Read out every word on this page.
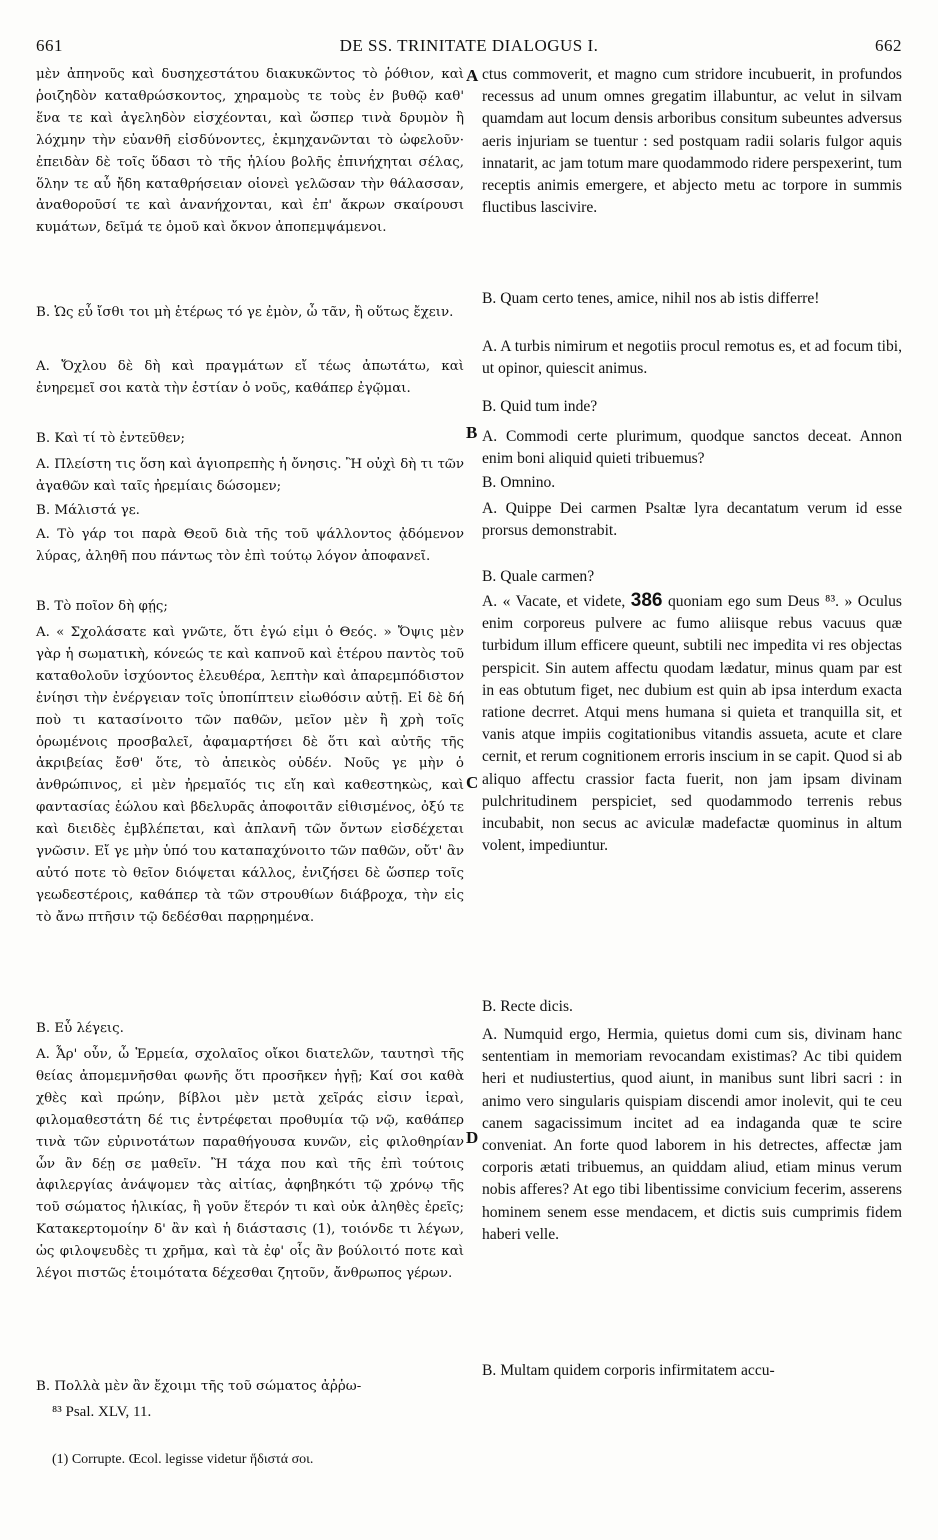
661	DE SS. TRINITATE DIALOGUS I.	662
μὲν ἀπηνοῦς καὶ δυσηχεστάτου διακυκῶντος τὸ ῥόθιον, καὶ ῥοιζηδὸν καταθρώσκοντος, χηραμοὺς τε τοὺς ἐν βυθῷ καθ' ἕνα τε καὶ ἀγεληδὸν εἰσχέονται, καὶ ὥσπερ τινὰ δρυμὸν ἢ λόχμην τὴν εὐανθῆ εἰσδύνοντες, ἐκμηχανῶνται τὸ ὠφελοῦν· ἐπειδὰν δὲ τοῖς ὕδασι τὸ τῆς ἡλίου βολῆς ἐπινήχηται σέλας, ὅλην τε αὖ ἤδη καταθρήσειαν οἱονεὶ γελῶσαν τὴν θάλασσαν, ἀναθοροῦσί τε καὶ ἀνανήχονται, καὶ ἐπ' ἄκρων σκαίρουσι κυμάτων, δεῖμά τε ὁμοῦ καὶ ὄκνον ἀποπεμψάμενοι.
Β. Ὡς εὖ ἴσθι τοι μὴ ἑτέρως τό γε ἐμὸν, ὦ τᾶν, ἢ οὕτως ἔχειν.
Α. Ὄχλου δὲ δὴ καὶ πραγμάτων εἴ τέως ἀπωτάτω, καὶ ἐνηρεμεῖ σοι κατὰ τὴν ἑστίαν ὁ νοῦς, καθάπερ ἐγῷμαι.
Β. Καὶ τί τὸ ἐντεῦθεν;
Α. Πλείστη τις ὅση καὶ ἁγιοπρεπὴς ἡ ὄνησις. Ἢ οὐχὶ δὴ τι τῶν ἀγαθῶν καὶ ταῖς ἠρεμίαις δώσομεν;
Β. Μάλιστά γε.
Α. Τὸ γάρ τοι παρὰ Θεοῦ διὰ τῆς τοῦ ψάλλοντος ᾀδόμενον λύρας, ἀληθῆ που πάντως τὸν ἐπὶ τούτῳ λόγον ἀποφανεῖ.
Β. Τὸ ποῖον δὴ φῄς;
Α. « Σχολάσατε καὶ γνῶτε, ὅτι ἐγώ εἰμι ὁ Θεός. » Ὄψις μὲν γὰρ ἡ σωματικὴ, κόνεώς τε καὶ καπνοῦ καὶ ἑτέρου παντὸς τοῦ καταθολοῦν ἰσχύοντος ἐλευθέρα, λεπτὴν καὶ ἀπαρεμπόδιστον ἐνίησι τὴν ἐνέργειαν τοῖς ὑποπίπτειν εἰωθόσιν αὐτῇ. Εἰ δὲ δή ποὺ τι κατασίνοιτο τῶν παθῶν, μεῖον μὲν ἢ χρὴ τοῖς ὁρωμένοις προσβαλεῖ, ἀφαμαρτήσει δὲ ὅτι καὶ αὐτῆς τῆς ἀκριβείας ἔσθ' ὅτε, τὸ ἀπεικὸς οὐδέν. Νοῦς γε μὴν ὁ ἀνθρώπινος, εἰ μὲν ἠρεμαῖός τις εἴη καὶ καθεστηκὼς, καὶ φαντασίας ἑώλου καὶ βδελυρᾶς ἀποφοιτᾶν εἰθισμένος, ὀξύ τε καὶ διειδὲς ἐμβλέπεται, καὶ ἀπλανῆ τῶν ὄντων εἰσδέχεται γνῶσιν. Εἴ γε μὴν ὑπό του καταπαχύνοιτο τῶν παθῶν, οὔτ' ἂν αὐτό ποτε τὸ θεῖον διόψεται κάλλος, ἐνιζήσει δὲ ὥσπερ τοῖς γεωδεστέροις, καθάπερ τὰ τῶν στρουθίων διάβροχα, τὴν εἰς τὸ ἄνω πτῆσιν τῷ δεδέσθαι παρῃρημένα.
Β. Εὖ λέγεις.
Α. Ἆρ' οὖν, ὦ Ἑρμεία, σχολαῖος οἴκοι διατελῶν, ταυτησὶ τῆς θείας ἀπομεμνῆσθαι φωνῆς ὅτι προσῆκεν ἡγῇ; Καί σοι καθὰ χθὲς καὶ πρώην, βίβλοι μὲν μετὰ χεῖράς εἰσιν ἱεραὶ, φιλομαθεστάτη δέ τις ἐντρέφεται προθυμία τῷ νῷ, καθάπερ τινὰ τῶν εὐρινοτάτων παραθήγουσα κυνῶν, εἰς φιλοθηρίαν ὧν ἂν δέῃ σε μαθεῖν. Ἢ τάχα που καὶ τῆς ἐπὶ τούτοις ἀφιλεργίας ἀνάψομεν τὰς αἰτίας, ἀφηβηκότι τῷ χρόνῳ τῆς τοῦ σώματος ἡλικίας, ἢ γοῦν ἕτερόν τι καὶ οὐκ ἀληθὲς ἐρεῖς; Κατακερτομοίην δ' ἂν καὶ ἡ διάστασις (1), τοιόνδε τι λέγων, ὡς φιλοψευδὲς τι χρῆμα, καὶ τὰ ἐφ' οἷς ἂν βούλοιτό ποτε καὶ λέγοι πιστῶς ἑτοιμότατα δέχεσθαι ζητοῦν, ἄνθρωπος γέρων.
Β. Πολλὰ μὲν ἂν ἔχοιμι τῆς τοῦ σώματος ἀῤῥω-
A
B
C
D
ctus commoverit, et magno cum stridore incubuerit, in profundos recessus ad unum omnes gregatim illabuntur, ac velut in silvam quamdam aut locum densis arboribus consitum subeuntes adversus aeris injuriam se tuentur : sed postquam radii solaris fulgor aquis innatarit, ac jam totum mare quodammodo ridere perspexerint, tum receptis animis emergere, et abjecto metu ac torpore in summis fluctibus lascivire.
B. Quam certo tenes, amice, nihil nos ab istis differre!
A. A turbis nimirum et negotiis procul remotus es, et ad focum tibi, ut opinor, quiescit animus.
B. Quid tum inde?
A. Commodi certe plurimum, quodque sanctos deceat. Annon enim boni aliquid quieti tribuemus?
B. Omnino.
A. Quippe Dei carmen Psaltæ lyra decantatum verum id esse prorsus demonstrabit.
B. Quale carmen?
A. « Vacate, et videte, 386 quoniam ego sum Deus ⁸³. » Oculus enim corporeus pulvere ac fumo aliisque rebus vacuus quæ turbidum illum efficere queunt, subtili nec impedita vi res objectas perspicit. Sin autem affectu quodam lædatur, minus quam par est in eas obtutum figet, nec dubium est quin ab ipsa interdum exacta ratione decrret. Atqui mens humana si quieta et tranquilla sit, et vanis atque impiis cogitationibus vitandis assueta, acute et clare cernit, et rerum cognitionem erroris inscium in se capit. Quod si ab aliquo affectu crassior facta fuerit, non jam ipsam divinam pulchritudinem perspiciet, sed quodammodo terrenis rebus incubabit, non secus ac aviculæ madefactæ quominus in altum volent, impediuntur.
B. Recte dicis.
A. Numquid ergo, Hermia, quietus domi cum sis, divinam hanc sententiam in memoriam revocandam existimas? Ac tibi quidem heri et nudiustertius, quod aiunt, in manibus sunt libri sacri : in animo vero singularis quispiam discendi amor inolevit, qui te ceu canem sagacissimum incitet ad ea indaganda quæ te scire conveniat. An forte quod laborem in his detrectes, affectæ jam corporis ætati tribuemus, an quiddam aliud, etiam minus verum nobis afferes? At ego tibi libentissime convicium fecerim, asserens hominem senem esse mendacem, et dictis suis cumprimis fidem haberi velle.
B. Multam quidem corporis infirmitatem accu-
⁸³ Psal. XLV, 11.
(1) Corrupte. Œcol. legisse videtur ἥδιστά σοι.
